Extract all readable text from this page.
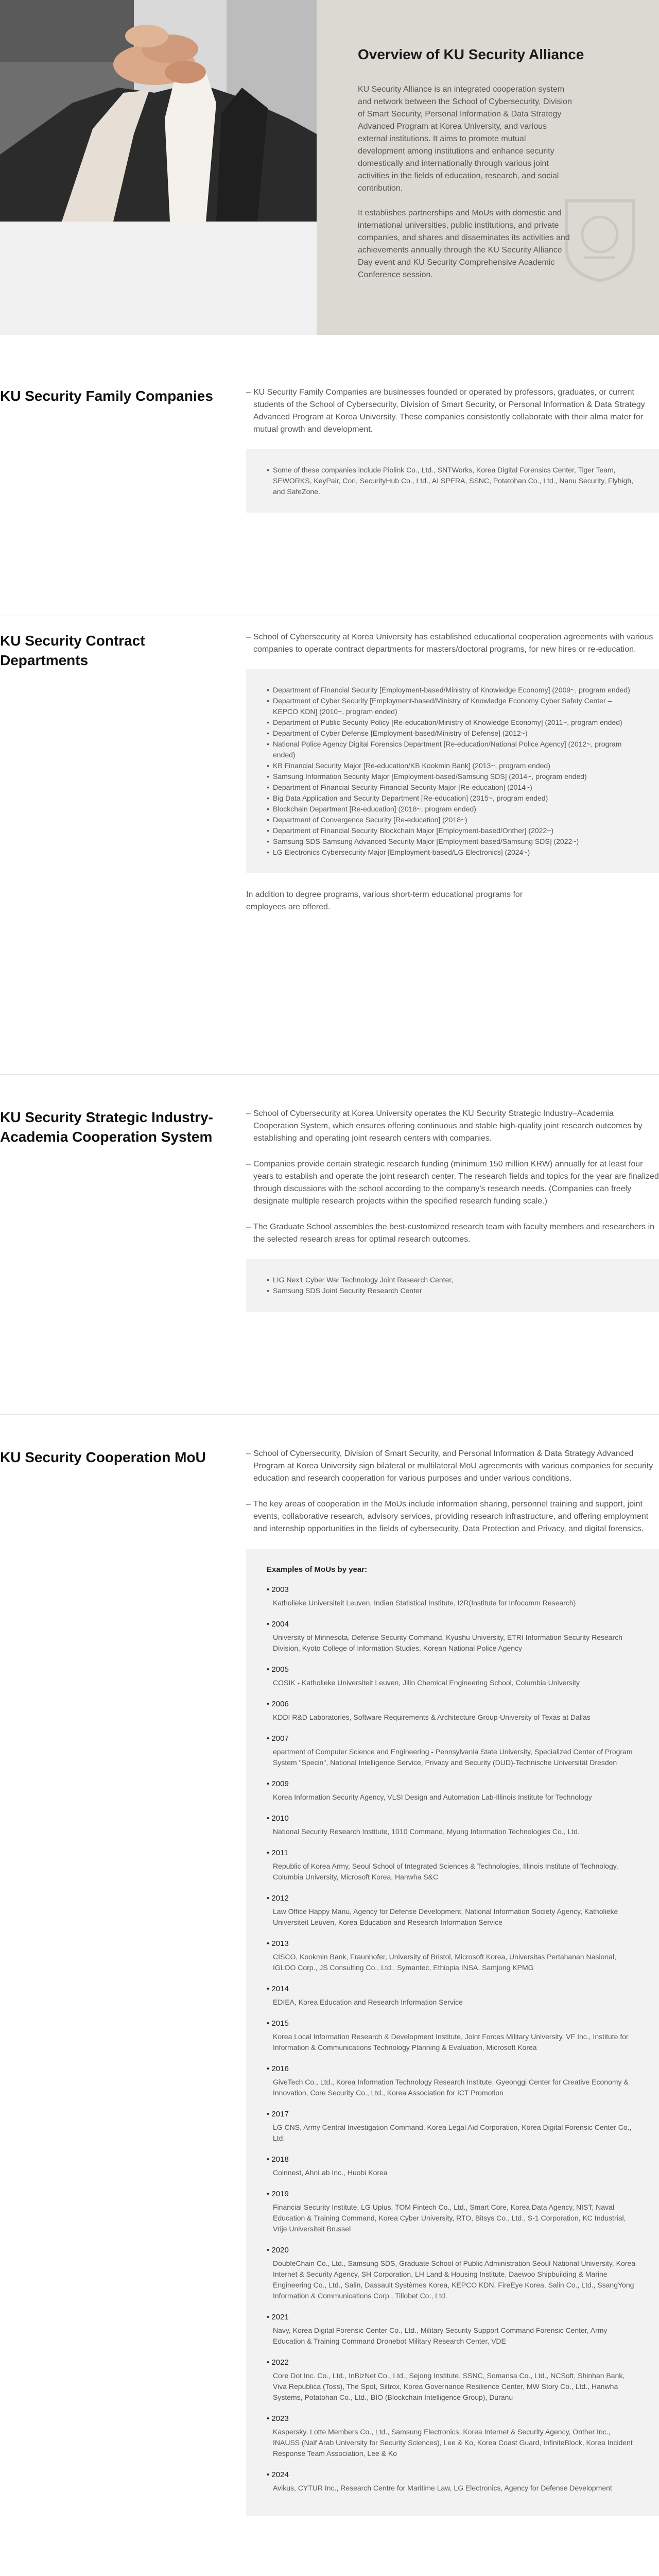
Overview of KU Security Alliance

KU Security Alliance is an integrated cooperation system and network between the School of Cybersecurity, Division of Smart Security, Personal Information & Data Strategy Advanced Program at Korea University, and various external institutions. It aims to promote mutual development among institutions and enhance security domestically and internationally through various joint activities in the fields of education, research, and social contribution.

It establishes partnerships and MoUs with domestic and international universities, public institutions, and private companies, and shares and disseminates its activities and achievements annually through the KU Security Alliance Day event and KU Security Comprehensive Academic Conference session.

KU Security Family Companies	– KU Security Family Companies are businesses founded or operated by professors, graduates, or current students of the School of Cybersecurity, Division of Smart Security, or Personal Information & Data Strategy Advanced Program at Korea University. These companies consistently collaborate with their alma mater for mutual growth and development.

• Some of these companies include Piolink Co., Ltd., SNTWorks, Korea Digital Forensics Center, Tiger Team, SEWORKS, KeyPair, Cori, SecurityHub Co., Ltd., AI SPERA, SSNC, Potatohan Co., Ltd., Nanu Security, Flyhigh, and SafeZone.
KU Security Contract Departments

– School of Cybersecurity at Korea University has established educational cooperation agreements with various companies to operate contract departments for masters/doctoral programs, for new hires or re-education.

• Department of Financial Security [Employment-based/Ministry of Knowledge Economy] (2009~, program ended)
• Department of Cyber Security [Employment-based/Ministry of Knowledge Economy Cyber Safety Center – KEPCO KDN] (2010~, program ended)
• Department of Public Security Policy [Re-education/Ministry of Knowledge Economy] (2011~, program ended)
• Department of Cyber Defense [Employment-based/Ministry of Defense] (2012~)
• National Police Agency Digital Forensics Department [Re-education/National Police Agency] (2012~, program ended)
• KB Financial Security Major [Re-education/KB Kookmin Bank] (2013~, program ended)
• Samsung Information Security Major [Employment-based/Samsung SDS] (2014~, program ended)
• Department of Financial Security Financial Security Major [Re-education] (2014~)
• Big Data Application and Security Department [Re-education] (2015~, program ended)
• Blockchain Department [Re-education] (2018~, program ended)
• Department of Convergence Security [Re-education] (2018~)
• Department of Financial Security Blockchain Major [Employment-based/Onther] (2022~)
• Samsung SDS Samsung Advanced Security Major [Employment-based/Samsung SDS] (2022~)
• LG Electronics Cybersecurity Major [Employment-based/LG Electronics] (2024~)

In addition to degree programs, various short-term educational programs for employees are offered.

KU Security Strategic Industry-Academia Cooperation System

– School of Cybersecurity at Korea University operates the KU Security Strategic Industry–Academia Cooperation System, which ensures offering continuous and stable high-quality joint research outcomes by establishing and operating joint research centers with companies.

– Companies provide certain strategic research funding (minimum 150 million KRW) annually for at least four years to establish and operate the joint research center. The research fields and topics for the year are finalized through discussions with the school according to the company's research needs. (Companies can freely designate multiple research projects within the specified research funding scale.)

– The Graduate School assembles the best-customized research team with faculty members and researchers in the selected research areas for optimal research outcomes.

• LIG Nex1 Cyber War Technology Joint Research Center,
• Samsung SDS Joint Security Research Center
KU Security Cooperation MoU	– School of Cybersecurity, Division of Smart Security, and Personal Information & Data Strategy Advanced Program at Korea University sign bilateral or multilateral MoU agreements with various companies for security education and research cooperation for various purposes and under various conditions.

– The key areas of cooperation in the MoUs include information sharing, personnel training and support, joint events, collaborative research, advisory services, providing research infrastructure, and offering employment and internship opportunities in the fields of cybersecurity, Data Protection and Privacy, and digital forensics.

Examples of MoUs by year:
• 2003
Katholieke Universiteit Leuven, Indian Statistical Institute, I2R(Institute for Infocomm Research)
• 2004
University of Minnesota, Defense Security Command, Kyushu University, ETRI Information Security Research Division, Kyoto College of Information Studies, Korean National Police Agency
• 2005
COSIK - Katholieke Universiteit Leuven, Jilin Chemical Engineering School, Columbia University
• 2006
KDDI R&D Laboratories, Software Requirements & Architecture Group-University of Texas at Dallas
• 2007
epartment of Computer Science and Engineering - Pennsylvania State University, Specialized Center of Program System "Specin", National Intelligence Service, Privacy and Security (DUD)-Technische Universität Dresden
• 2009
Korea Information Security Agency, VLSI Design and Automation Lab-Illinois Institute for Technology
• 2010
National Security Research Institute, 1010 Command, Myung Information Technologies Co., Ltd.
• 2011
Republic of Korea Army, Seoul School of Integrated Sciences & Technologies, Illinois Institute of Technology, Columbia University, Microsoft Korea, Hanwha S&C
• 2012
Law Office Happy Manu, Agency for Defense Development, National Information Society Agency, Katholieke Universiteit Leuven, Korea Education and Research Information Service
• 2013
CISCO, Kookmin Bank, Fraunhofer, University of Bristol, Microsoft Korea, Universitas Pertahanan Nasional, IGLOO Corp., JS Consulting Co., Ltd., Symantec, Ethiopia INSA, Samjong KPMG
• 2014
EDIEA, Korea Education and Research Information Service
• 2015
Korea Local Information Research & Development Institute, Joint Forces Military University, VF Inc., Institute for Information & Communications Technology Planning & Evaluation, Microsoft Korea
• 2016
GiveTech Co., Ltd., Korea Information Technology Research Institute, Gyeonggi Center for Creative Economy & Innovation, Core Security Co., Ltd., Korea Association for ICT Promotion
• 2017
LG CNS, Army Central Investigation Command, Korea Legal Aid Corporation, Korea Digital Forensic Center Co., Ltd.
• 2018
Coinnest, AhnLab Inc., Huobi Korea
• 2019
Financial Security Institute, LG Uplus, TOM Fintech Co., Ltd., Smart Core, Korea Data Agency, NIST, Naval Education & Training Command, Korea Cyber University, RTO, Bitsys Co., Ltd., S-1 Corporation, KC Industrial, Vrije Universiteit Brussel
• 2020
DoubleChain Co., Ltd., Samsung SDS, Graduate School of Public Administration Seoul National University, Korea Internet & Security Agency, SH Corporation, LH Land & Housing Institute, Daewoo Shipbuilding & Marine Engineering Co., Ltd., Salin, Dassault Systèmes Korea, KEPCO KDN, FireEye Korea, Salin Co., Ltd., SsangYong Information & Communications Corp., Tillobet Co., Ltd.
• 2021
Navy, Korea Digital Forensic Center Co., Ltd., Military Security Support Command Forensic Center, Army Education & Training Command Dronebot Military Research Center, VDE
• 2022
Core Dot Inc. Co., Ltd., InBizNet Co., Ltd., Sejong Institute, SSNC, Somansa Co., Ltd., NCSoft, Shinhan Bank, Viva Republica (Toss), The Spot, Siltrox, Korea Governance Resilience Center, MW Story Co., Ltd., Hanwha Systems, Potatohan Co., Ltd., BIO (Blockchain Intelligence Group), Duranu
• 2023
Kaspersky, Lotte Members Co., Ltd., Samsung Electronics, Korea Internet & Security Agency, Onther Inc., INAUSS (Naif Arab University for Security Sciences), Lee & Ko, Korea Coast Guard, InfiniteBlock, Korea Incident Response Team Association, Lee & Ko
• 2024
Avikus, CYTUR Inc., Research Centre for Maritime Law, LG Electronics, Agency for Defense Development
